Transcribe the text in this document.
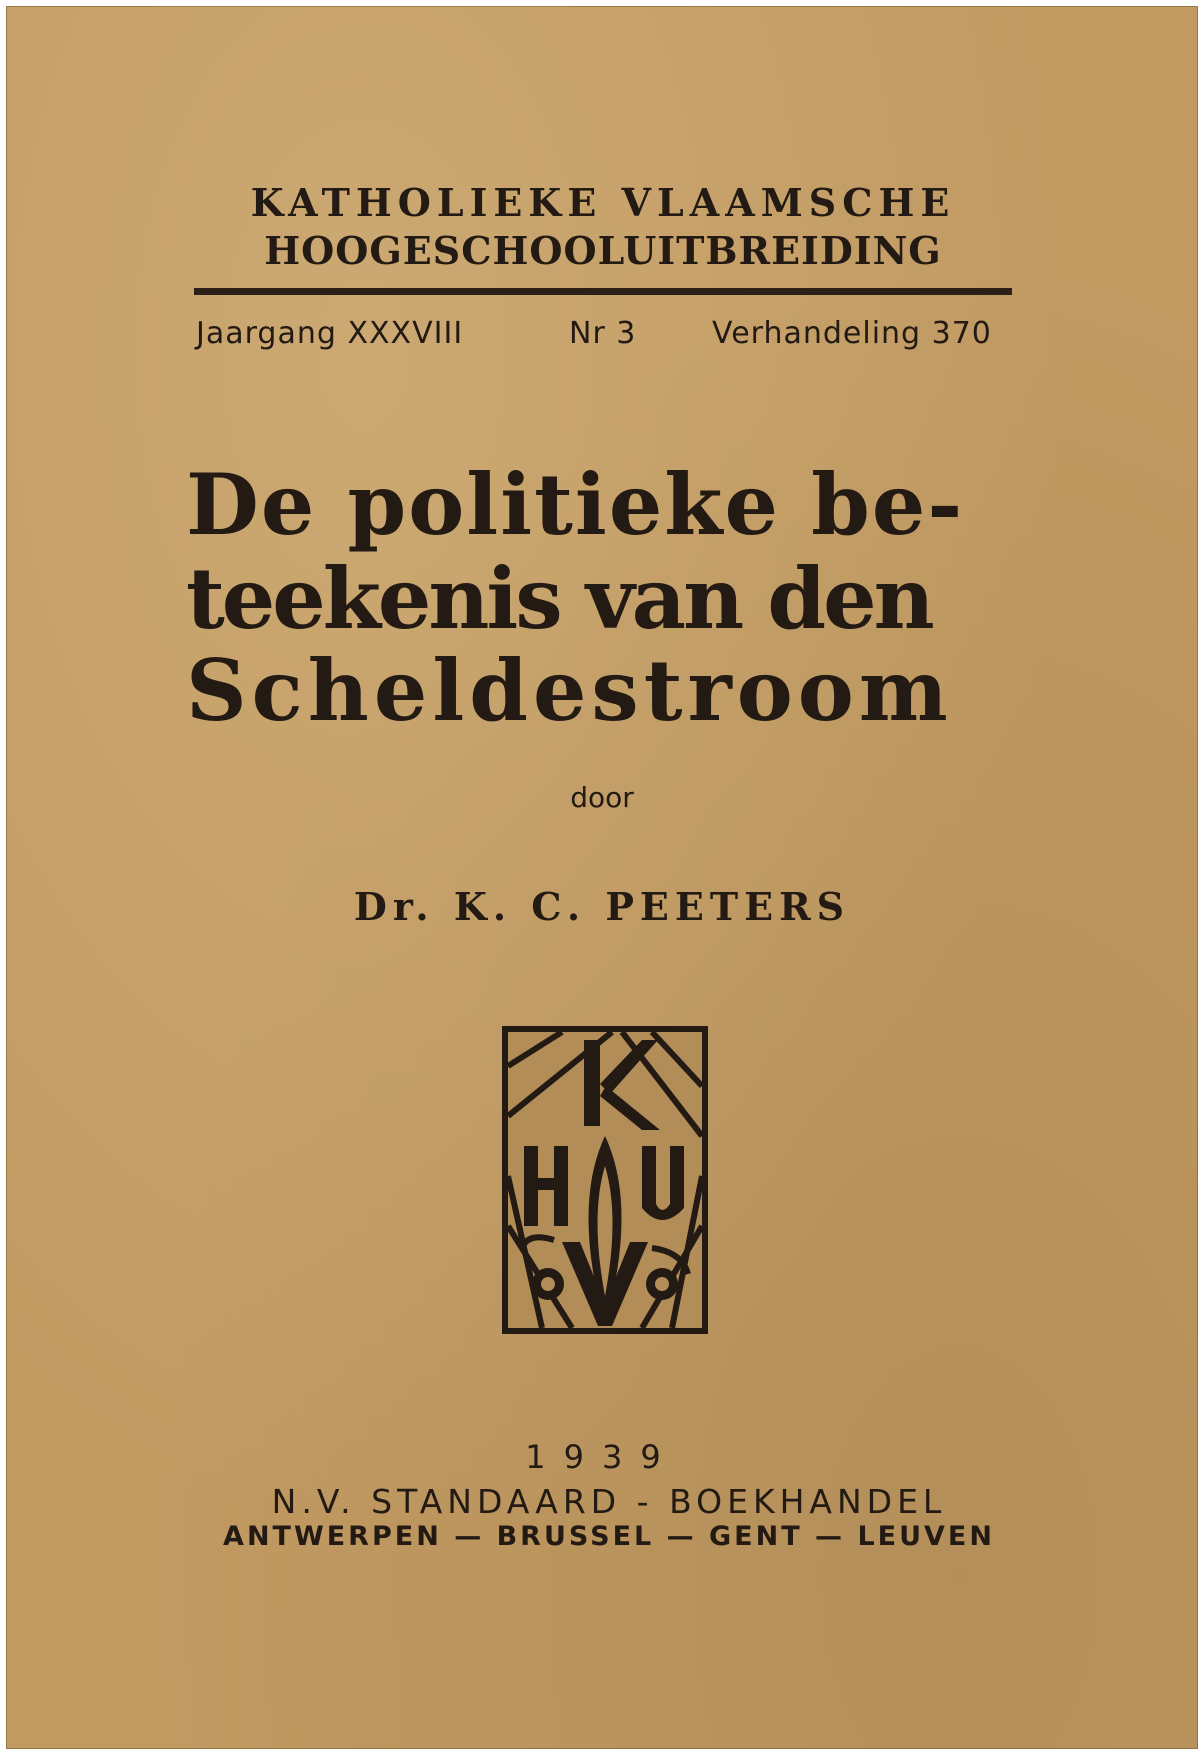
KATHOLIEKE VLAAMSCHE
HOOGESCHOOLUITBREIDING
Jaargang XXXVIII	Nr 3	Verhandeling 370
De politieke be-
teekenis van den
Scheldestroom
door
Dr. K. C. PEETERS
1939
N.V. STANDAARD - BOEKHANDEL
ANTWERPEN — BRUSSEL — GENT — LEUVEN
